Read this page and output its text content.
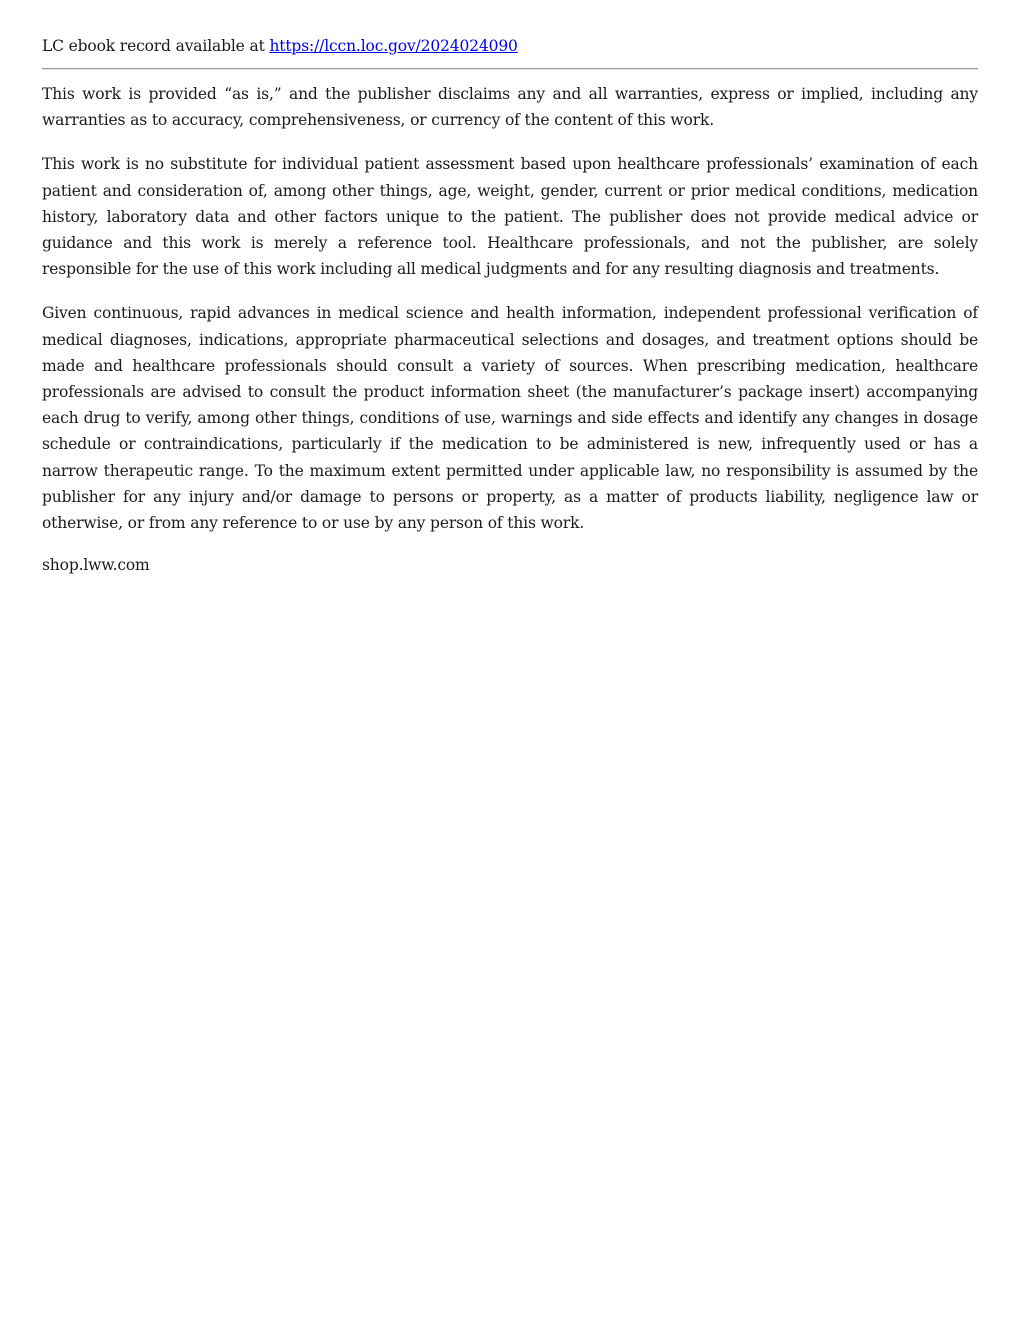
LC ebook record available at https://lccn.loc.gov/2024024090

This work is provided “as is,” and the publisher disclaims any and all warranties, express or implied, including any warranties as to accuracy, comprehensiveness, or currency of the content of this work.

This work is no substitute for individual patient assessment based upon healthcare professionals’ examination of each patient and consideration of, among other things, age, weight, gender, current or prior medical conditions, medication history, laboratory data and other factors unique to the patient. The publisher does not provide medical advice or guidance and this work is merely a reference tool. Healthcare professionals, and not the publisher, are solely responsible for the use of this work including all medical judgments and for any resulting diagnosis and treatments.

Given continuous, rapid advances in medical science and health information, independent professional verification of medical diagnoses, indications, appropriate pharmaceutical selections and dosages, and treatment options should be made and healthcare professionals should consult a variety of sources. When prescribing medication, healthcare professionals are advised to consult the product information sheet (the manufacturer’s package insert) accompanying each drug to verify, among other things, conditions of use, warnings and side effects and identify any changes in dosage schedule or contraindications, particularly if the medication to be administered is new, infrequently used or has a narrow therapeutic range. To the maximum extent permitted under applicable law, no responsibility is assumed by the publisher for any injury and/or damage to persons or property, as a matter of products liability, negligence law or otherwise, or from any reference to or use by any person of this work.

shop.lww.com
